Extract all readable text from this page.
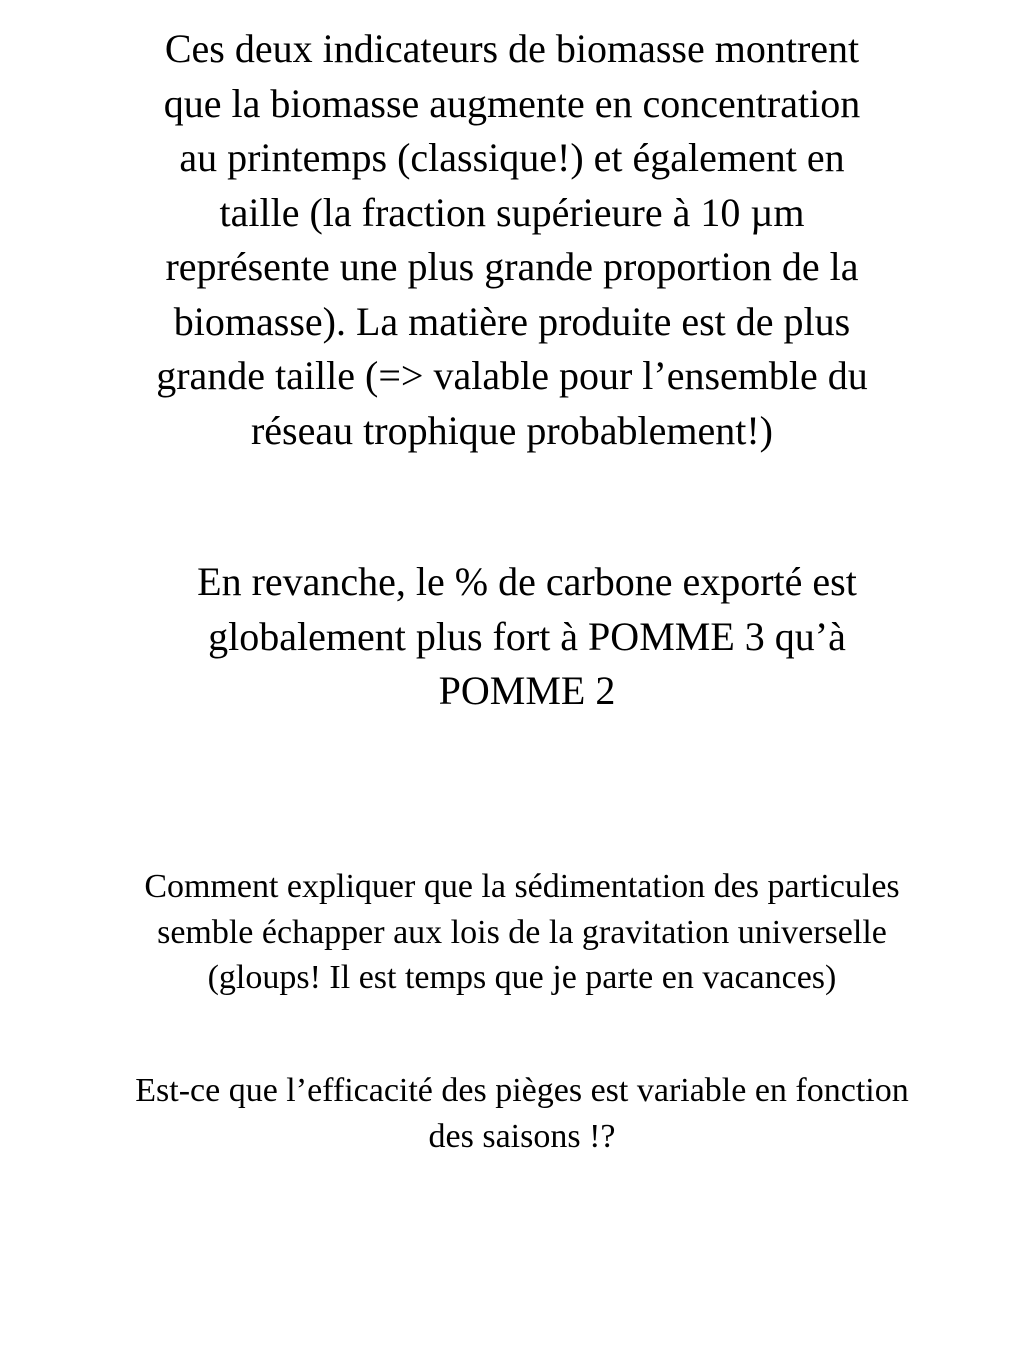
Ces deux indicateurs de biomasse montrent
que la biomasse augmente en concentration
au printemps (classique!) et également en
taille (la fraction supérieure à 10 µm
représente une plus grande proportion de la
biomasse). La matière produite est de plus
grande taille (=> valable pour l’ensemble du
réseau trophique probablement!)

En revanche, le % de carbone exporté est
globalement plus fort à POMME 3 qu’à
POMME 2

Comment expliquer que la sédimentation des particules
semble échapper aux lois de la gravitation universelle
(gloups! Il est temps que je parte en vacances)

Est-ce que l’efficacité des pièges est variable en fonction
des saisons !?
